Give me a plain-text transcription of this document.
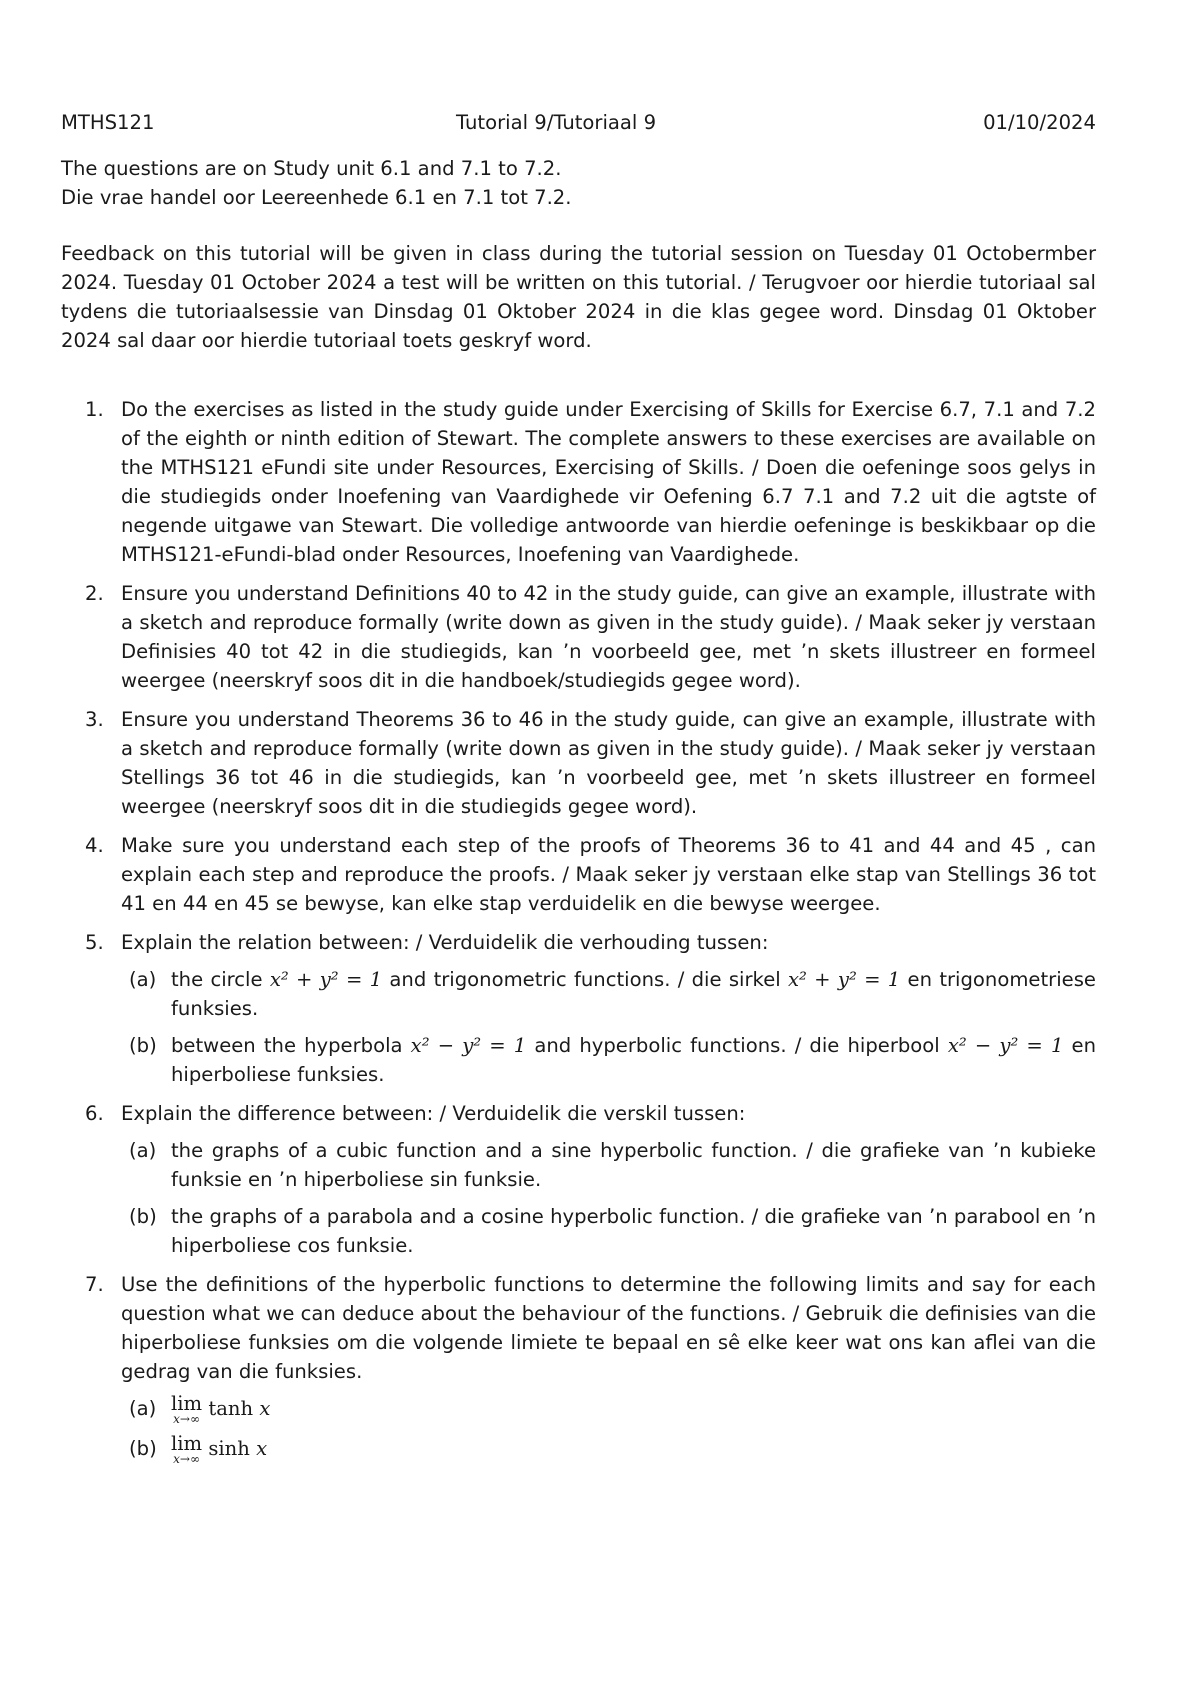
MTHS121	Tutorial 9/Tutoriaal 9	01/10/2024
The questions are on Study unit 6.1 and 7.1 to 7.2.
Die vrae handel oor Leereenhede 6.1 en 7.1 tot 7.2.
Feedback on this tutorial will be given in class during the tutorial session on Tuesday 01 Octobermber 2024. Tuesday 01 October 2024 a test will be written on this tutorial. / Terugvoer oor hierdie tutoriaal sal tydens die tutoriaalsessie van Dinsdag 01 Oktober 2024 in die klas gegee word. Dinsdag 01 Oktober 2024 sal daar oor hierdie tutoriaal toets geskryf word.
1. Do the exercises as listed in the study guide under Exercising of Skills for Exercise 6.7, 7.1 and 7.2 of the eighth or ninth edition of Stewart. The complete answers to these exercises are available on the MTHS121 eFundi site under Resources, Exercising of Skills. / Doen die oefeninge soos gelys in die studiegids onder Inoefening van Vaardighede vir Oefening 6.7 7.1 and 7.2 uit die agtste of negende uitgawe van Stewart. Die volledige antwoorde van hierdie oefeninge is beskikbaar op die MTHS121-eFundi-blad onder Resources, Inoefening van Vaardighede.
2. Ensure you understand Definitions 40 to 42 in the study guide, can give an example, illustrate with a sketch and reproduce formally (write down as given in the study guide). / Maak seker jy verstaan Definisies 40 tot 42 in die studiegids, kan ’n voorbeeld gee, met ’n skets illustreer en formeel weergee (neerskryf soos dit in die handboek/studiegids gegee word).
3. Ensure you understand Theorems 36 to 46 in the study guide, can give an example, illustrate with a sketch and reproduce formally (write down as given in the study guide). / Maak seker jy verstaan Stellings 36 tot 46 in die studiegids, kan ’n voorbeeld gee, met ’n skets illustreer en formeel weergee (neerskryf soos dit in die studiegids gegee word).
4. Make sure you understand each step of the proofs of Theorems 36 to 41 and 44 and 45 , can explain each step and reproduce the proofs. / Maak seker jy verstaan elke stap van Stellings 36 tot 41 en 44 en 45 se bewyse, kan elke stap verduidelik en die bewyse weergee.
5. Explain the relation between: / Verduidelik die verhouding tussen:
(a) the circle x² + y² = 1 and trigonometric functions. / die sirkel x² + y² = 1 en trigonometriese funksies.
(b) between the hyperbola x² − y² = 1 and hyperbolic functions. / die hiperbool x² − y² = 1 en hiperboliese funksies.
6. Explain the difference between: / Verduidelik die verskil tussen:
(a) the graphs of a cubic function and a sine hyperbolic function. / die grafieke van ’n kubieke funksie en ’n hiperboliese sin funksie.
(b) the graphs of a parabola and a cosine hyperbolic function. / die grafieke van ’n parabool en ’n hiperboliese cos funksie.
7. Use the definitions of the hyperbolic functions to determine the following limits and say for each question what we can deduce about the behaviour of the functions. / Gebruik die definisies van die hiperboliese funksies om die volgende limiete te bepaal en sê elke keer wat ons kan aflei van die gedrag van die funksies.
(a) lim
x→∞ tanh x
(b) lim
x→∞ sinh x
